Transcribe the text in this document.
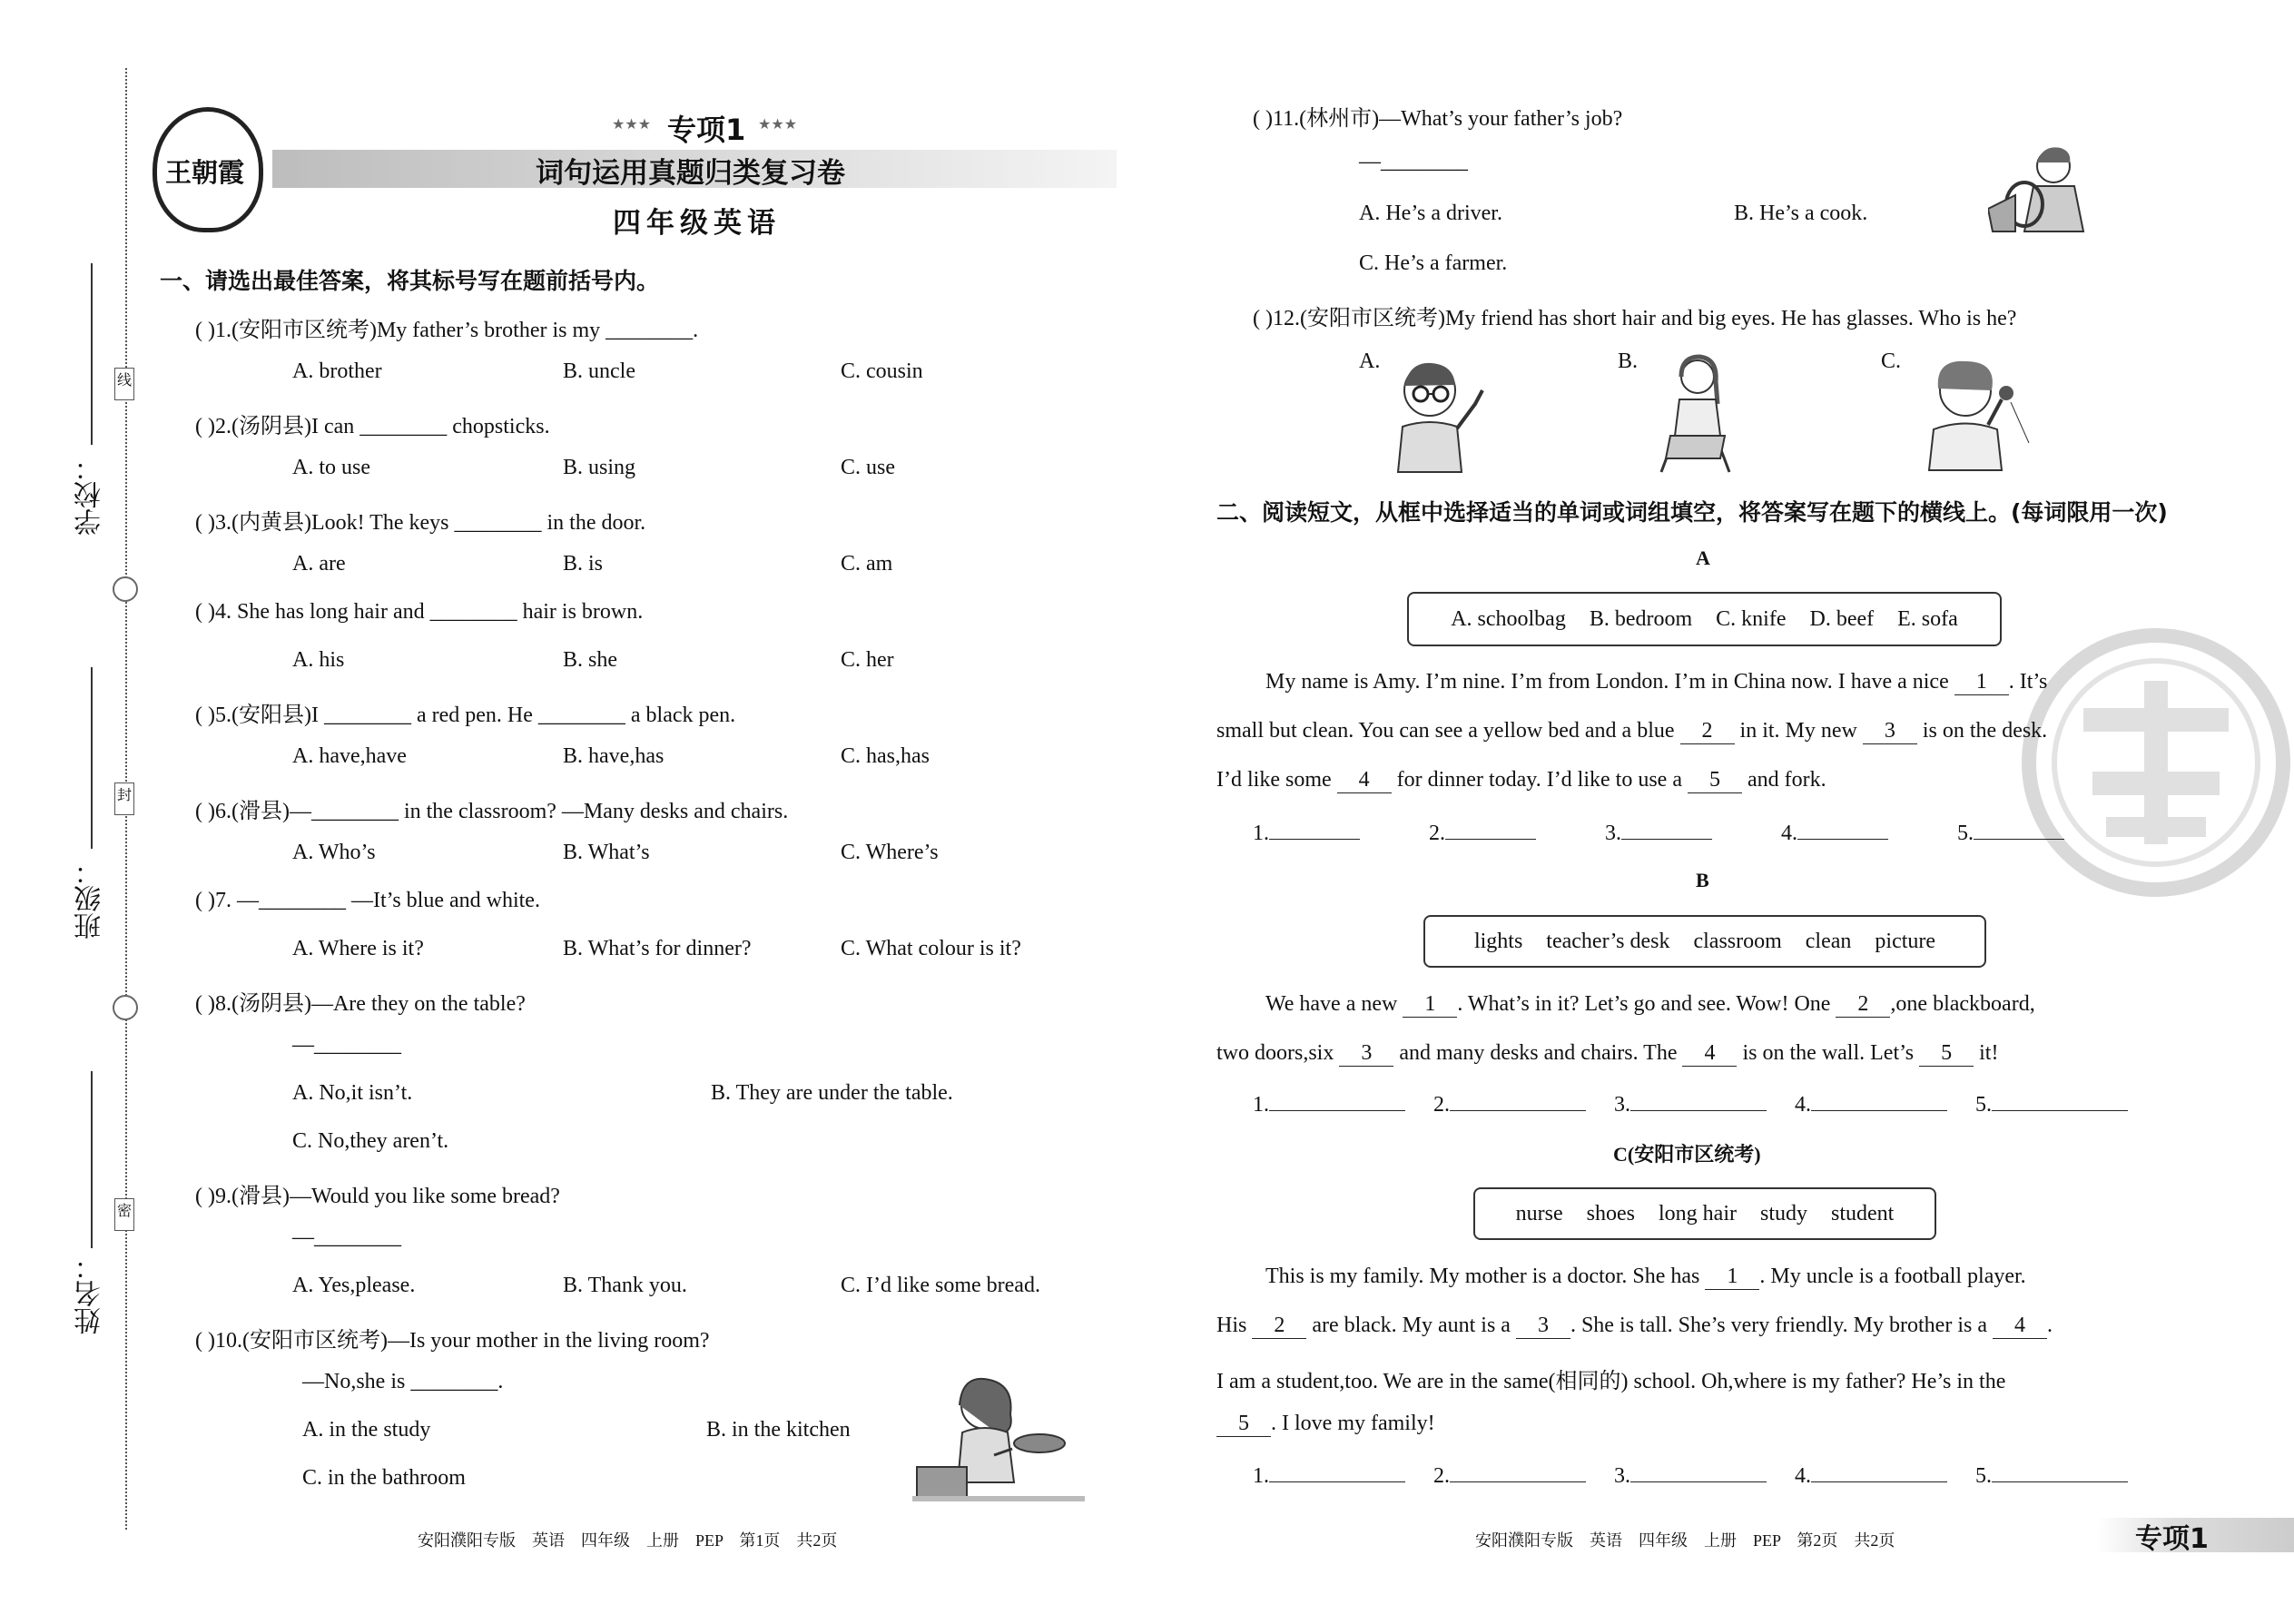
学校：
班级：
姓名：
线
封
密
王朝霞
★★★ 专项1 ★★★
词句运用真题归类复习卷
四年级英语
一、请选出最佳答案，将其标号写在题前括号内。
( )1.(安阳市区统考)My father’s brother is my ________.
A. brother	B. uncle	C. cousin
( )2.(汤阴县)I can ________ chopsticks.
A. to use	B. using	C. use
( )3.(内黄县)Look! The keys ________ in the door.
A. are	B. is	C. am
( )4. She has long hair and ________ hair is brown.
A. his	B. she	C. her
( )5.(安阳县)I ________ a red pen. He ________ a black pen.
A. have,have	B. have,has	C. has,has
( )6.(滑县)—________ in the classroom? —Many desks and chairs.
A. Who’s	B. What’s	C. Where’s
( )7. —________ —It’s blue and white.
A. Where is it?	B. What’s for dinner?	C. What colour is it?
( )8.(汤阴县)—Are they on the table?
—________
A. No,it isn’t.	B. They are under the table.
C. No,they aren’t.
( )9.(滑县)—Would you like some bread?
—________
A. Yes,please.	B. Thank you.	C. I’d like some bread.
( )10.(安阳市区统考)—Is your mother in the living room?
—No,she is ________.
A. in the study	B. in the kitchen
C. in the bathroom
安阳濮阳专版　英语　四年级　上册　PEP　第1页　共2页
( )11.(林州市)—What’s your father’s job?
—________
A. He’s a driver.	B. He’s a cook.
C. He’s a farmer.
( )12.(安阳市区统考)My friend has short hair and big eyes. He has glasses. Who is he?
A.	B.	C.
二、阅读短文，从框中选择适当的单词或词组填空，将答案写在题下的横线上。(每词限用一次)
A
A. schoolbag B. bedroom C. knife D. beef E. sofa
My name is Amy. I’m nine. I’m from London. I’m in China now. I have a nice 1 . It’s
small but clean. You can see a yellow bed and a blue 2 in it. My new 3 is on the desk.
I’d like some 4 for dinner today. I’d like to use a 5 and fork.
1.	2.	3.	4.	5.
B
lights teacher’s desk classroom clean picture
We have a new 1 . What’s in it? Let’s go and see. Wow! One 2 ,one blackboard,
two doors,six 3 and many desks and chairs. The 4 is on the wall. Let’s 5 it!
1.	2.	3.	4.	5.
C(安阳市区统考)
nurse shoes long hair study student
This is my family. My mother is a doctor. She has 1 . My uncle is a football player.
His 2 are black. My aunt is a 3 . She is tall. She’s very friendly. My brother is a 4 .
I am a student,too. We are in the same(相同的) school. Oh,where is my father? He’s in the
5 . I love my family!
1.	2.	3.	4.	5.
安阳濮阳专版　英语　四年级　上册　PEP　第2页　共2页	专项1
